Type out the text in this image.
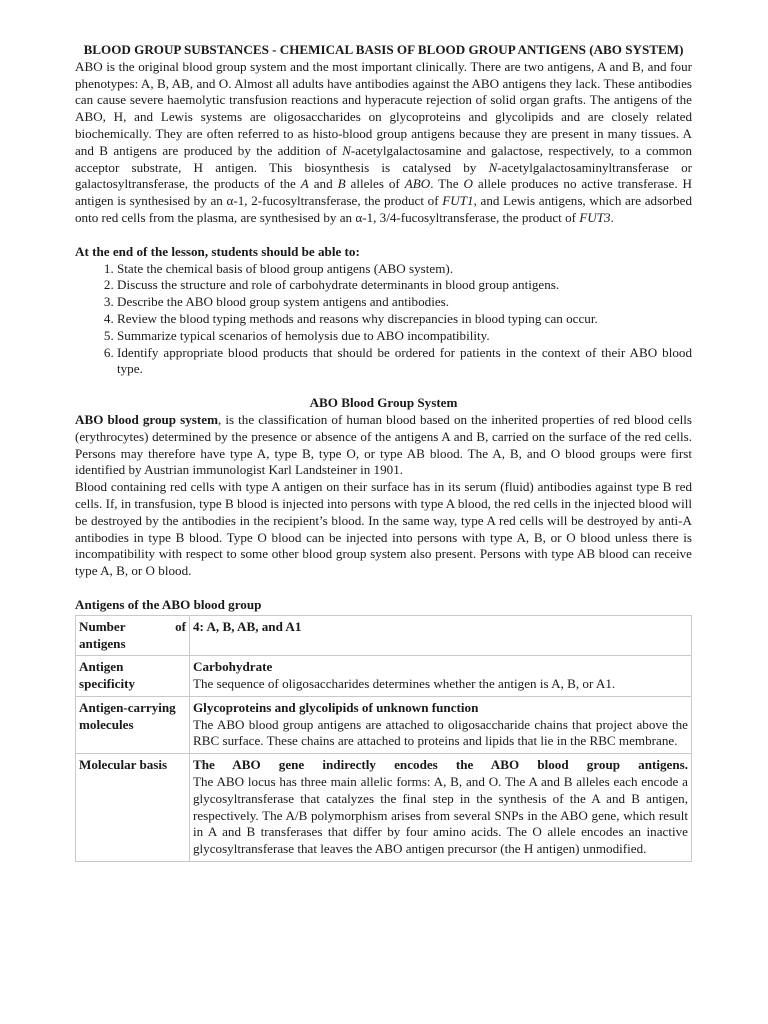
BLOOD GROUP SUBSTANCES - CHEMICAL BASIS OF BLOOD GROUP ANTIGENS (ABO SYSTEM)

ABO is the original blood group system and the most important clinically. There are two antigens, A and B, and four phenotypes: A, B, AB, and O. Almost all adults have antibodies against the ABO antigens they lack. These antibodies can cause severe haemolytic transfusion reactions and hyperacute rejection of solid organ grafts. The antigens of the ABO, H, and Lewis systems are oligosaccharides on glycoproteins and glycolipids and are closely related biochemically. They are often referred to as histo-blood group antigens because they are present in many tissues. A and B antigens are produced by the addition of N-acetylgalactosamine and galactose, respectively, to a common acceptor substrate, H antigen. This biosynthesis is catalysed by N-acetylgalactosaminyltransferase or galactosyltransferase, the products of the A and B alleles of ABO. The O allele produces no active transferase. H antigen is synthesised by an α-1, 2-fucosyltransferase, the product of FUT1, and Lewis antigens, which are adsorbed onto red cells from the plasma, are synthesised by an α-1, 3/4-fucosyltransferase, the product of FUT3.

At the end of the lesson, students should be able to:

1. State the chemical basis of blood group antigens (ABO system).
2. Discuss the structure and role of carbohydrate determinants in blood group antigens.
3. Describe the ABO blood group system antigens and antibodies.
4. Review the blood typing methods and reasons why discrepancies in blood typing can occur.
5. Summarize typical scenarios of hemolysis due to ABO incompatibility.
6. Identify appropriate blood products that should be ordered for patients in the context of their ABO blood type.

ABO Blood Group System

ABO blood group system, is the classification of human blood based on the inherited properties of red blood cells (erythrocytes) determined by the presence or absence of the antigens A and B, carried on the surface of the red cells. Persons may therefore have type A, type B, type O, or type AB blood. The A, B, and O blood groups were first identified by Austrian immunologist Karl Landsteiner in 1901.

Blood containing red cells with type A antigen on their surface has in its serum (fluid) antibodies against type B red cells. If, in transfusion, type B blood is injected into persons with type A blood, the red cells in the injected blood will be destroyed by the antibodies in the recipient’s blood. In the same way, type A red cells will be destroyed by anti-A antibodies in type B blood. Type O blood can be injected into persons with type A, B, or O blood unless there is incompatibility with respect to some other blood group system also present. Persons with type AB blood can receive type A, B, or O blood.

Antigens of the ABO blood group

Number of
antigens	4: A, B, AB, and A1
Antigen
specificity	Carbohydrate
The sequence of oligosaccharides determines whether the antigen is A, B, or A1.
Antigen-carrying
molecules	Glycoproteins and glycolipids of unknown function
The ABO blood group antigens are attached to oligosaccharide chains that project above the RBC surface. These chains are attached to proteins and lipids that lie in the RBC membrane.
Molecular basis	The ABO gene indirectly encodes the ABO blood group antigens.
The ABO locus has three main allelic forms: A, B, and O. The A and B alleles each encode a glycosyltransferase that catalyzes the final step in the synthesis of the A and B antigen, respectively. The A/B polymorphism arises from several SNPs in the ABO gene, which result in A and B transferases that differ by four amino acids. The O allele encodes an inactive glycosyltransferase that leaves the ABO antigen precursor (the H antigen) unmodified.
